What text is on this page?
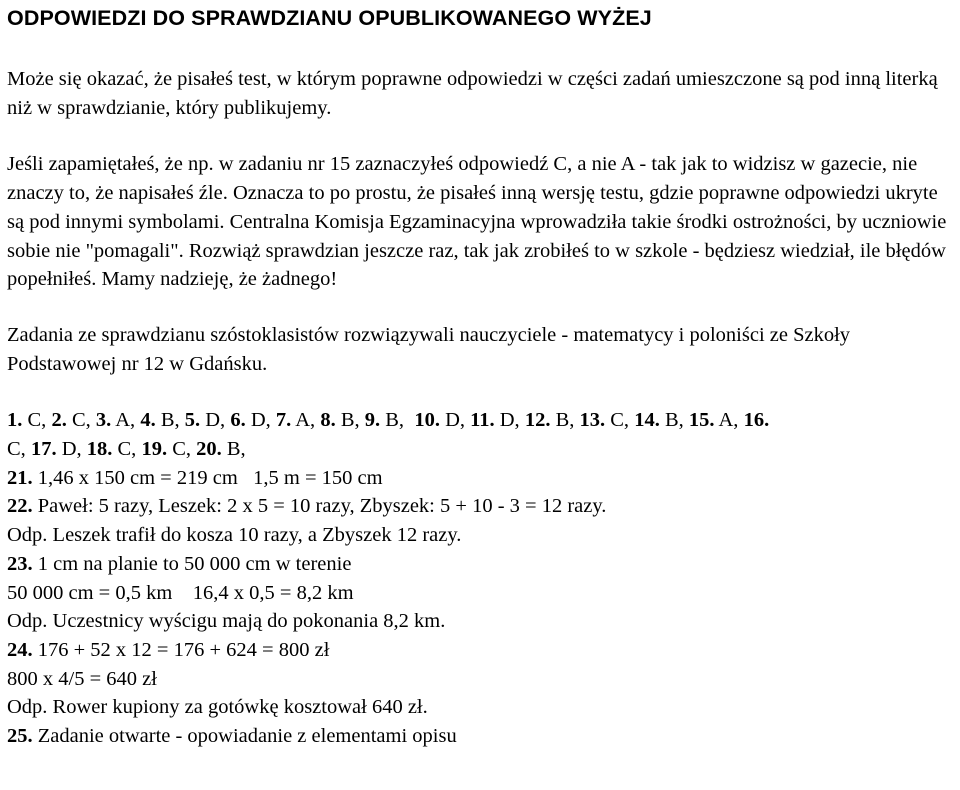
ODPOWIEDZI DO SPRAWDZIANU OPUBLIKOWANEGO WYŻEJ

Może się okazać, że pisałeś test, w którym poprawne odpowiedzi w części zadań umieszczone są pod inną literką niż w sprawdzianie, który publikujemy.

Jeśli zapamiętałeś, że np. w zadaniu nr 15 zaznaczyłeś odpowiedź C, a nie A - tak jak to widzisz w gazecie, nie znaczy to, że napisałeś źle. Oznacza to po prostu, że pisałeś inną wersję testu, gdzie poprawne odpowiedzi ukryte są pod innymi symbolami. Centralna Komisja Egzaminacyjna wprowadziła takie środki ostrożności, by uczniowie sobie nie "pomagali". Rozwiąż sprawdzian jeszcze raz, tak jak zrobiłeś to w szkole - będziesz wiedział, ile błędów popełniłeś. Mamy nadzieję, że żadnego!

Zadania ze sprawdzianu szóstoklasistów rozwiązywali nauczyciele - matematycy i poloniści ze Szkoły Podstawowej nr 12 w Gdańsku.

1. C, 2. C, 3. A, 4. B, 5. D, 6. D, 7. A, 8. B, 9. B,  10. D, 11. D, 12. B, 13. C, 14. B, 15. A, 16.
C, 17. D, 18. C, 19. C, 20. B,
21. 1,46 x 150 cm = 219 cm   1,5 m = 150 cm
22. Paweł: 5 razy, Leszek: 2 x 5 = 10 razy, Zbyszek: 5 + 10 - 3 = 12 razy.
Odp. Leszek trafił do kosza 10 razy, a Zbyszek 12 razy.
23. 1 cm na planie to 50 000 cm w terenie
50 000 cm = 0,5 km    16,4 x 0,5 = 8,2 km
Odp. Uczestnicy wyścigu mają do pokonania 8,2 km.
24. 176 + 52 x 12 = 176 + 624 = 800 zł
800 x 4/5 = 640 zł
Odp. Rower kupiony za gotówkę kosztował 640 zł.
25. Zadanie otwarte - opowiadanie z elementami opisu
